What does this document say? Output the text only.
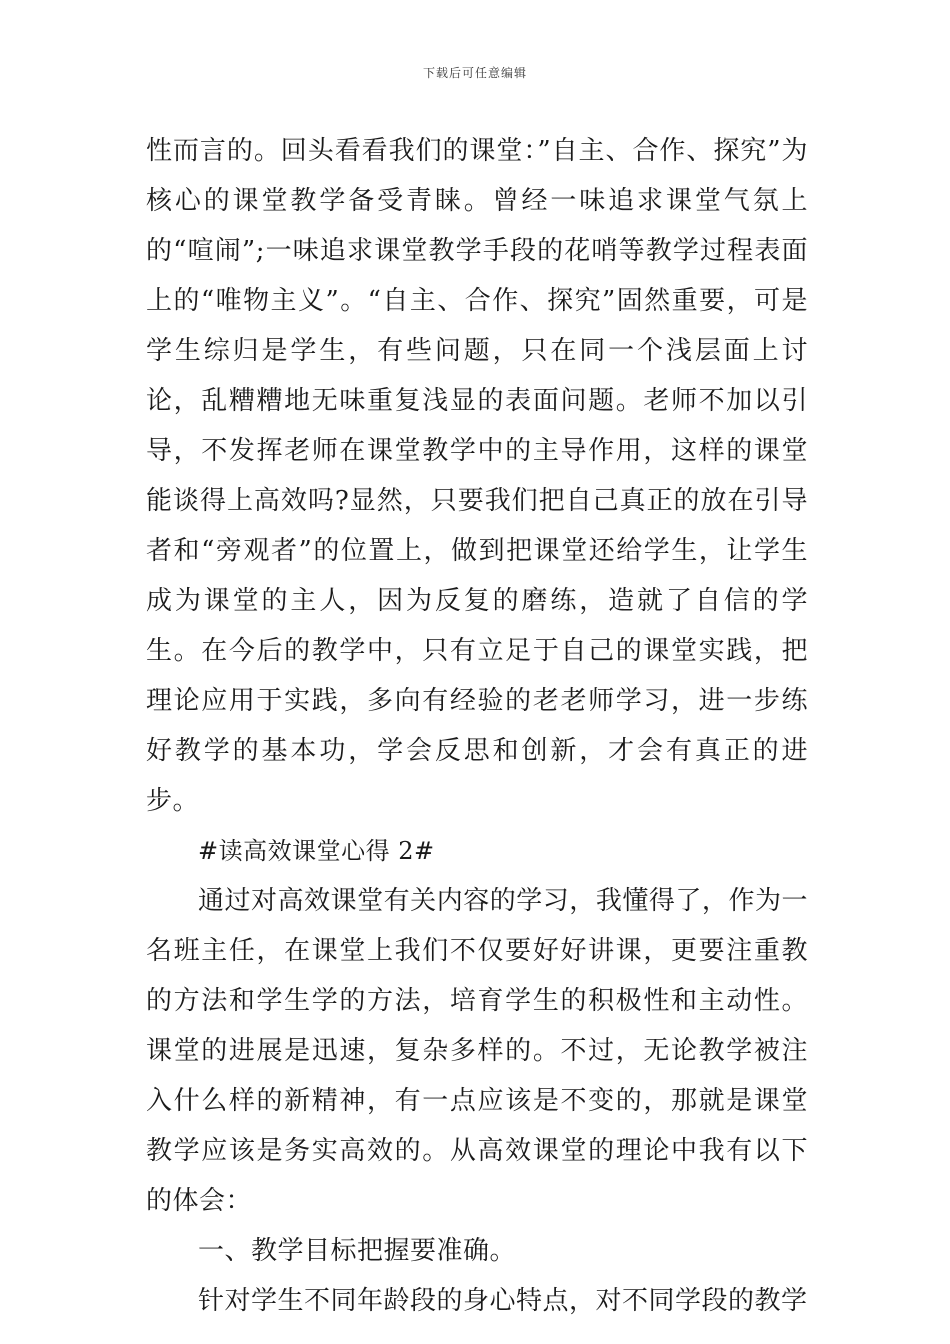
下载后可任意编辑

性而言的。回头看看我们的课堂：”自主、合作、探究”为核心的课堂教学备受青睐。曾经一味追求课堂气氛上的“喧闹”;一味追求课堂教学手段的花哨等教学过程表面上的“唯物主义”。“自主、合作、探究”固然重要，可是学生综归是学生，有些问题，只在同一个浅层面上讨论，乱糟糟地无味重复浅显的表面问题。老师不加以引导，不发挥老师在课堂教学中的主导作用，这样的课堂能谈得上高效吗?显然，只要我们把自己真正的放在引导者和“旁观者”的位置上，做到把课堂还给学生，让学生成为课堂的主人，因为反复的磨练，造就了自信的学生。在今后的教学中，只有立足于自己的课堂实践，把理论应用于实践，多向有经验的老老师学习，进一步练好教学的基本功，学会反思和创新，才会有真正的进步。

#读高效课堂心得 2#

通过对高效课堂有关内容的学习，我懂得了，作为一名班主任，在课堂上我们不仅要好好讲课，更要注重教的方法和学生学的方法，培育学生的积极性和主动性。课堂的进展是迅速，复杂多样的。不过，无论教学被注入什么样的新精神，有一点应该是不变的，那就是课堂教学应该是务实高效的。从高效课堂的理论中我有以下的体会：

一、教学目标把握要准确。

针对学生不同年龄段的身心特点，对不同学段的教学
